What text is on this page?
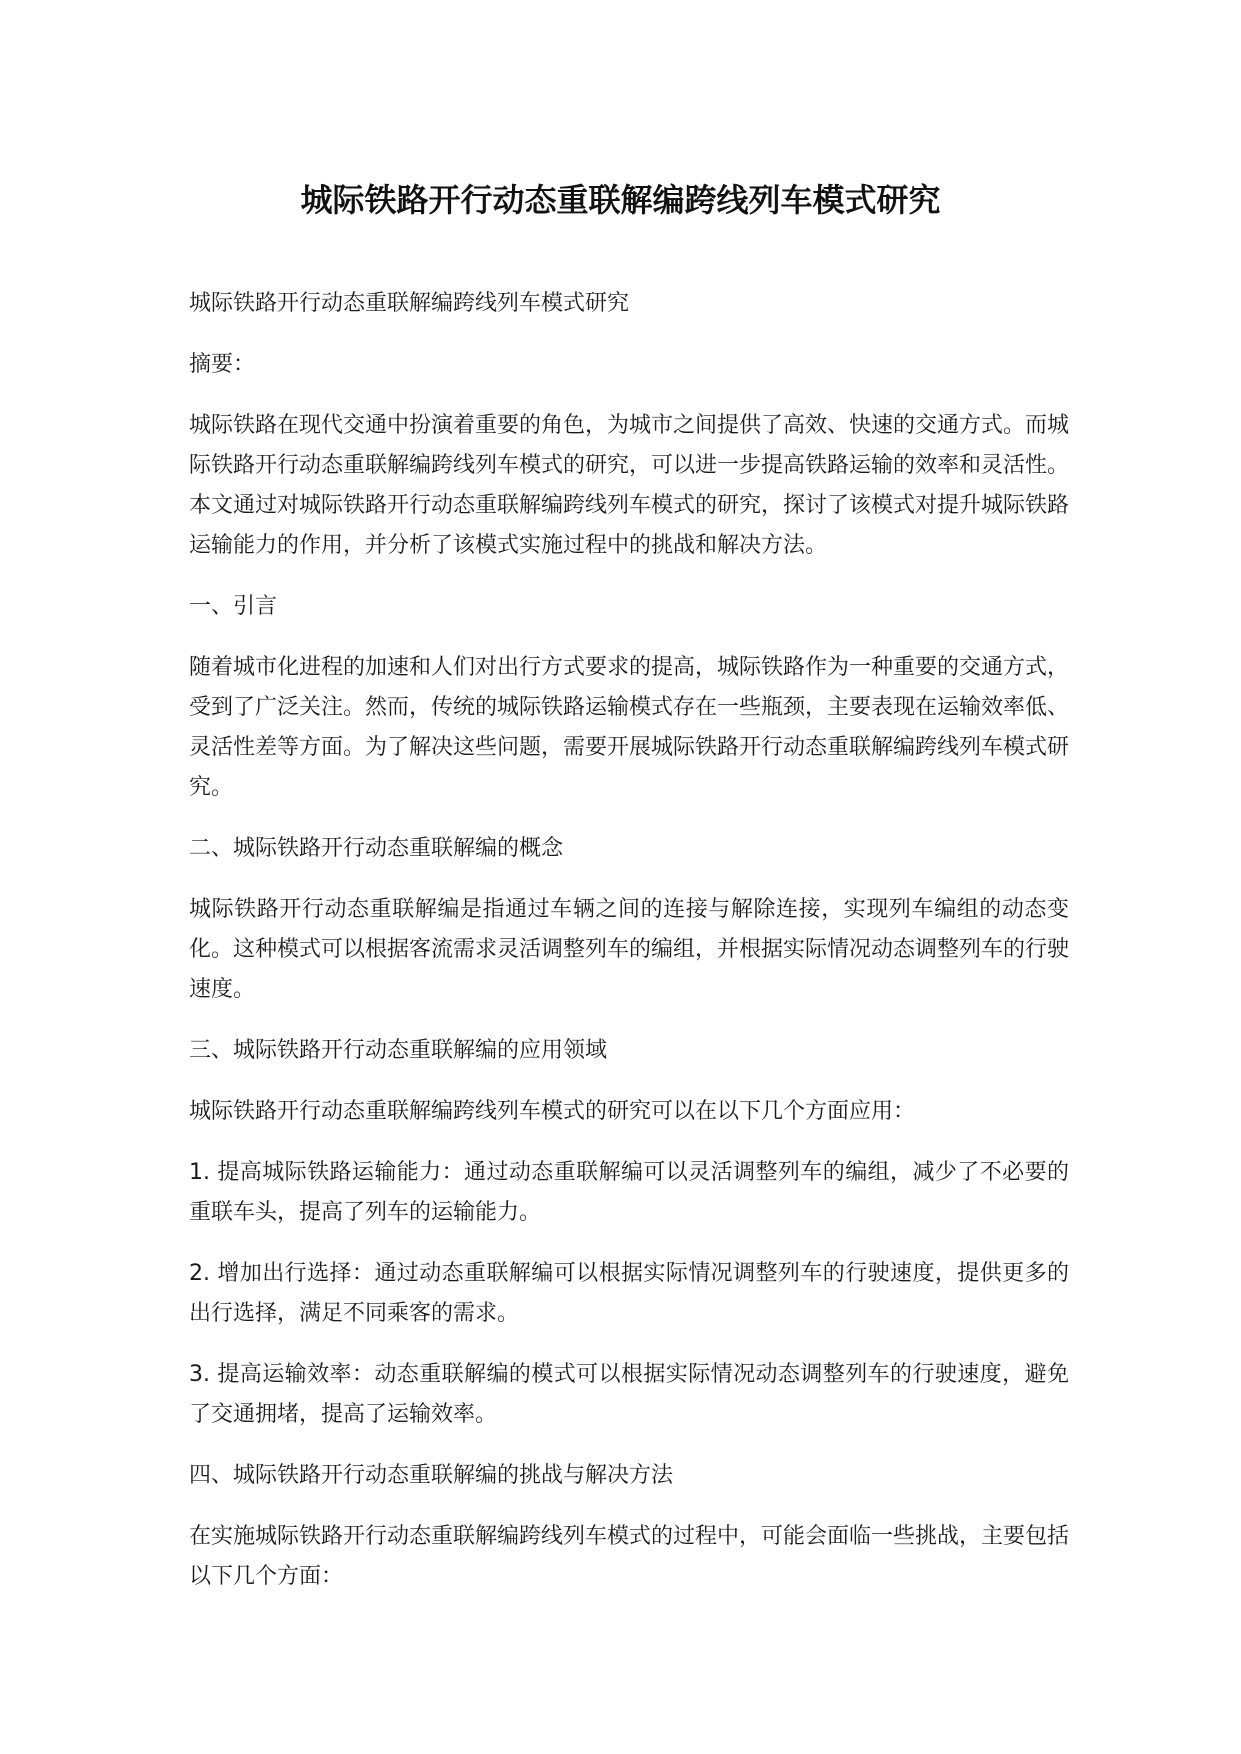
城际铁路开行动态重联解编跨线列车模式研究

城际铁路开行动态重联解编跨线列车模式研究

摘要：

城际铁路在现代交通中扮演着重要的角色，为城市之间提供了高效、快速的交通方式。而城际铁路开行动态重联解编跨线列车模式的研究，可以进一步提高铁路运输的效率和灵活性。本文通过对城际铁路开行动态重联解编跨线列车模式的研究，探讨了该模式对提升城际铁路运输能力的作用，并分析了该模式实施过程中的挑战和解决方法。

一、引言

随着城市化进程的加速和人们对出行方式要求的提高，城际铁路作为一种重要的交通方式，受到了广泛关注。然而，传统的城际铁路运输模式存在一些瓶颈，主要表现在运输效率低、灵活性差等方面。为了解决这些问题，需要开展城际铁路开行动态重联解编跨线列车模式研究。

二、城际铁路开行动态重联解编的概念

城际铁路开行动态重联解编是指通过车辆之间的连接与解除连接，实现列车编组的动态变化。这种模式可以根据客流需求灵活调整列车的编组，并根据实际情况动态调整列车的行驶速度。

三、城际铁路开行动态重联解编的应用领域

城际铁路开行动态重联解编跨线列车模式的研究可以在以下几个方面应用：

1. 提高城际铁路运输能力：通过动态重联解编可以灵活调整列车的编组，减少了不必要的重联车头，提高了列车的运输能力。

2. 增加出行选择：通过动态重联解编可以根据实际情况调整列车的行驶速度，提供更多的出行选择，满足不同乘客的需求。

3. 提高运输效率：动态重联解编的模式可以根据实际情况动态调整列车的行驶速度，避免了交通拥堵，提高了运输效率。

四、城际铁路开行动态重联解编的挑战与解决方法

在实施城际铁路开行动态重联解编跨线列车模式的过程中，可能会面临一些挑战，主要包括以下几个方面：
